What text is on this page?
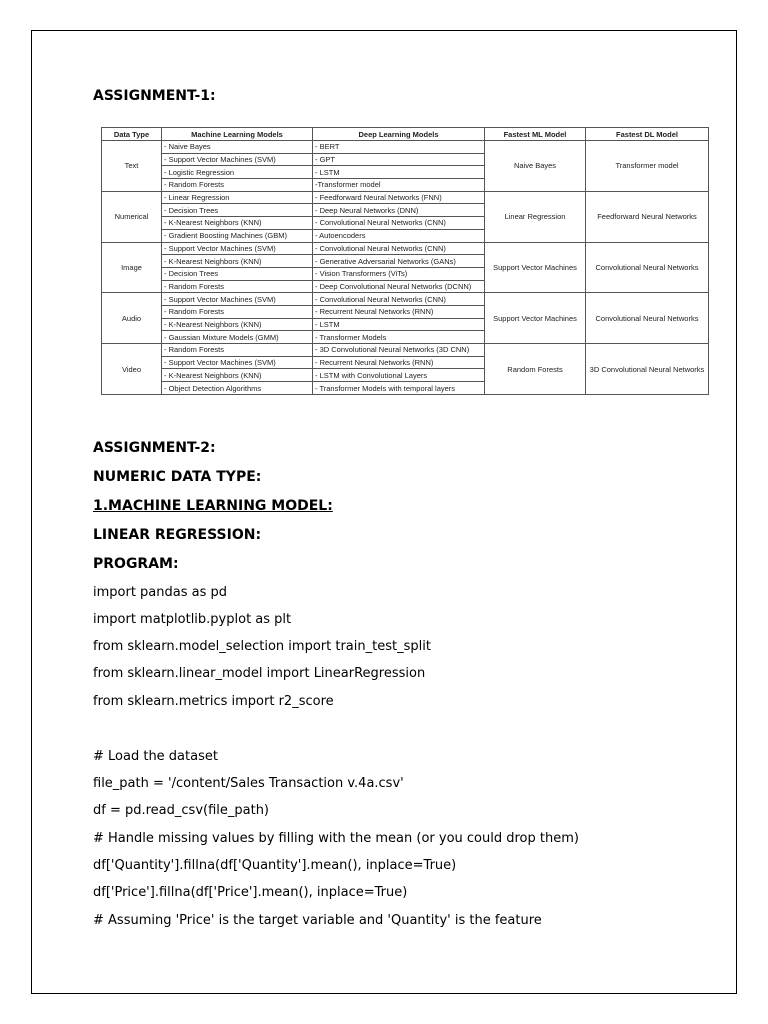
ASSIGNMENT-1:
Data Type	Machine Learning Models	Deep Learning Models	Fastest ML Model	Fastest DL Model
Text	- Naive Bayes	- BERT	Naive Bayes	Transformer model
	- Support Vector Machines (SVM)	- GPT		
	- Logistic Regression	- LSTM		
	- Random Forests	-Transformer model		
Numerical	- Linear Regression	- Feedforward Neural Networks (FNN)	Linear Regression	Feedforward Neural Networks
	- Decision Trees	- Deep Neural Networks (DNN)		
	- K-Nearest Neighbors (KNN)	- Convolutional Neural Networks (CNN)		
	- Gradient Boosting Machines (GBM)	- Autoencoders		
Image	- Support Vector Machines (SVM)	- Convolutional Neural Networks (CNN)	Support Vector Machines	Convolutional Neural Networks
	- K-Nearest Neighbors (KNN)	- Generative Adversarial Networks (GANs)		
	- Decision Trees	- Vision Transformers (ViTs)		
	- Random Forests	- Deep Convolutional Neural Networks (DCNN)		
Audio	- Support Vector Machines (SVM)	- Convolutional Neural Networks (CNN)	Support Vector Machines	Convolutional Neural Networks
	- Random Forests	- Recurrent Neural Networks (RNN)		
	- K-Nearest Neighbors (KNN)	- LSTM		
	- Gaussian Mixture Models (GMM)	- Transformer Models		
Video	- Random Forests	- 3D Convolutional Neural Networks (3D CNN)	Random Forests	3D Convolutional Neural Networks
	- Support Vector Machines (SVM)	- Recurrent Neural Networks (RNN)		
	- K-Nearest Neighbors (KNN)	- LSTM with Convolutional Layers		
	- Object Detection Algorithms	- Transformer Models with temporal layers		
ASSIGNMENT-2:
NUMERIC DATA TYPE:
1.MACHINE LEARNING MODEL:
LINEAR REGRESSION:
PROGRAM:
import pandas as pd
import matplotlib.pyplot as plt
from sklearn.model_selection import train_test_split
from sklearn.linear_model import LinearRegression
from sklearn.metrics import r2_score
# Load the dataset
file_path = '/content/Sales Transaction v.4a.csv'
df = pd.read_csv(file_path)
# Handle missing values by filling with the mean (or you could drop them)
df['Quantity'].fillna(df['Quantity'].mean(), inplace=True)
df['Price'].fillna(df['Price'].mean(), inplace=True)
# Assuming 'Price' is the target variable and 'Quantity' is the feature
